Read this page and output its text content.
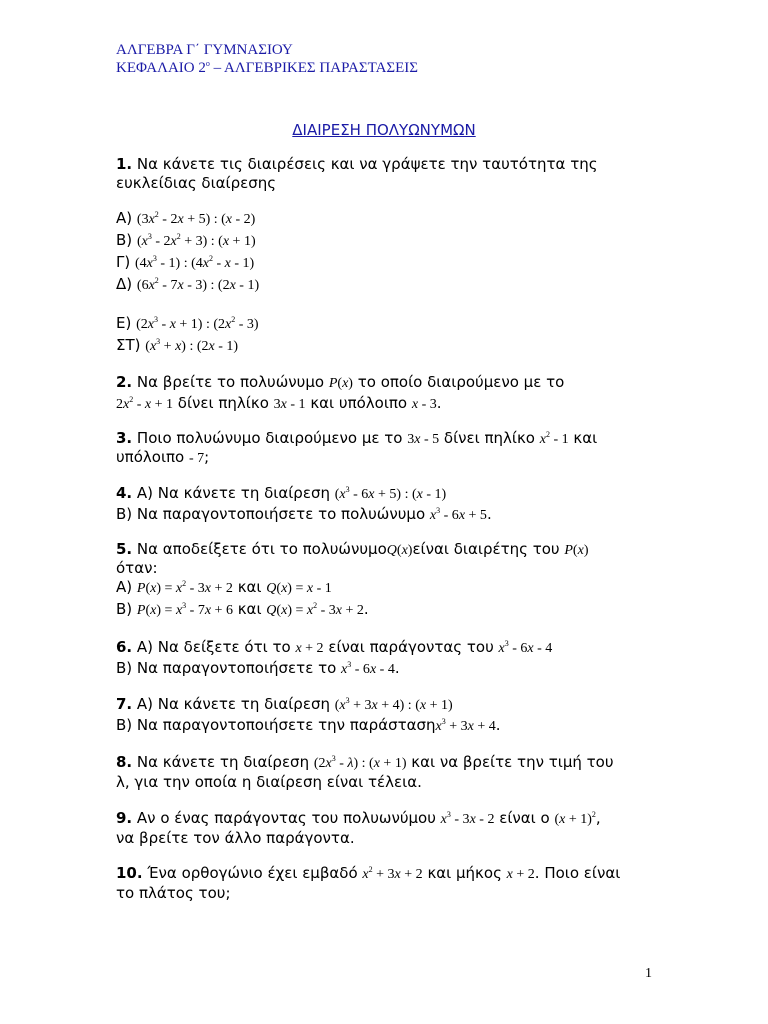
ΑΛΓΕΒΡΑ Γ΄ ΓΥΜΝΑΣΙΟΥ
ΚΕΦΑΛΑΙΟ $2^o$ – ΑΛΓΕΒΡΙΚΕΣ ΠΑΡΑΣΤΑΣΕΙΣ
ΔΙΑΙΡΕΣΗ ΠΟΛΥΩΝΥΜΩΝ
1. Να κάνετε τις διαιρέσεις και να γράψετε την ταυτότητα της
ευκλείδιας διαίρεσης
Α) $(3x^2 - 2x + 5)$ : (x - 2)
Β) $(x^3 - 2x^2 + 3)$ : (x + 1)
Γ) $(4x^3 - 1)$ : ($4x^2$ - x - 1)
Δ) $(6x^2 - 7x - 3)$ : (2x - 1)
Ε) $(2x^3 - x + 1)$ : $(2x^2 - 3)$
ΣΤ) $(x^3 + x)$ : (2x - 1)
2. Να βρείτε το πολυώνυμο P(x) το οποίο διαιρούμενο με το
$2x^2 - x + 1$ δίνει πηλίκο 3x - 1 και υπόλοιπο x - 3.
3. Ποιο πολυώνυμο διαιρούμενο με το 3x - 5 δίνει πηλίκο $x^2 - 1$ και
υπόλοιπο - 7;
4. Α) Να κάνετε τη διαίρεση $(x^3 - 6x + 5)$ : (x - 1)
Β) Να παραγοντοποιήσετε το πολυώνυμο $x^3 - 6x + 5$.
5. Να αποδείξετε ότι το πολυώνυμοQ(x)είναι διαιρέτης του P(x)
όταν:
Α) $P(x) = x^2 - 3x + 2$ και Q(x) = x - 1
Β) $P(x) = x^3 - 7x + 6$ και $Q(x) = x^2 - 3x + 2$.
6. Α) Να δείξετε ότι το x + 2 είναι παράγοντας του $x^3 - 6x - 4$
Β) Να παραγοντοποιήσετε το $x^3 - 6x - 4$.
7. Α) Να κάνετε τη διαίρεση $(x^3 + 3x + 4)$ : (x + 1)
Β) Να παραγοντοποιήσετε την παράστασηx$^3$ + 3x + 4.
8. Να κάνετε τη διαίρεση $(2x^3 - \lambda)$ : (x + 1) και να βρείτε την τιμή του
λ, για την οποία η διαίρεση είναι τέλεια.
9. Αν ο ένας παράγοντας του πολυωνύμου $x^3 - 3x - 2$ είναι ο $(x + 1)^2$,
να βρείτε τον άλλο παράγοντα.
10. Ένα ορθογώνιο έχει εμβαδό $x^2 + 3x + 2$ και μήκος x + 2. Ποιο είναι
το πλάτος του;
1
